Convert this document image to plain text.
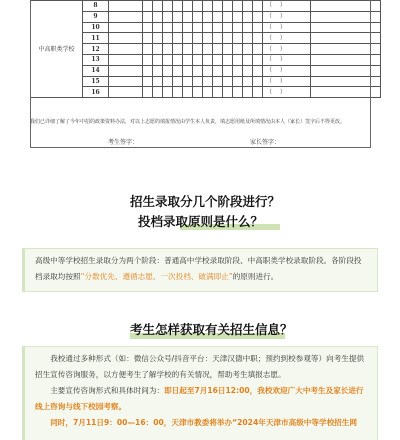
中高职类学校	8														（ ）	
	9														（ ）	
	10														（ ）	
	11														（ ）	
	12														（ ）	
	13														（ ）	
	14														（ ）	
	15														（ ）	
	16														（ ）	
我们已详细了解了今年中招的政策资料办法，对以上志愿的填报情况由学生本人负责，填志愿用纸及所填情况由本人（家长）签字后不得更改。
考生签字：	家长签字：
招生录取分几个阶段进行？
投档录取原则是什么？
高级中等学校招生录取分为两个阶段：普通高中学校录取阶段、中高职类学校录取阶段。各阶段投档录取均按照“分数优先、遵循志愿、一次投档、破满即止”的原则进行。
考生怎样获取有关招生信息？
我校通过多种形式（如：微信公众号/抖音平台：天津汉德中职；预约到校参观等）向考生提供招生宣传咨询服务，以方便考生了解学校的有关情况，帮助考生填报志愿。
主要宣传咨询形式和具体时间为：即日起至7月16日12:00，我校欢迎广大中考生及家长进行线上咨询与线下校园考察。
同时，7月11日9：00—16：00，天津市教委将举办“2024年天津市高级中等学校招生网
